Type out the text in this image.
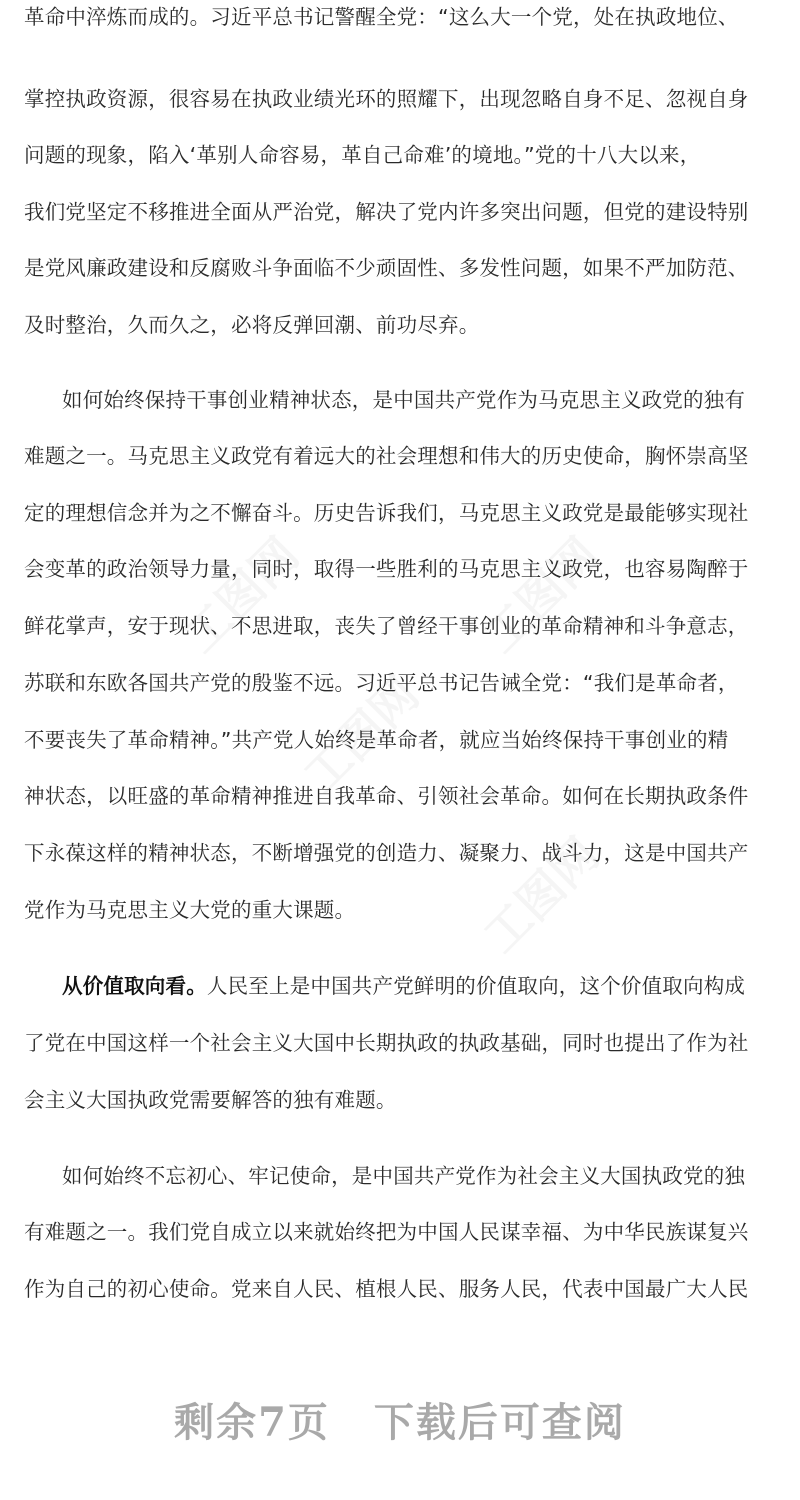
工图网	工图网
工图网
工图网
革命中淬炼而成的。习近平总书记警醒全党：“这么大一个党，处在执政地位、
掌控执政资源，很容易在执政业绩光环的照耀下，出现忽略自身不足、忽视自身
问题的现象，陷入‘革别人命容易，革自己命难’的境地。”党的十八大以来，
我们党坚定不移推进全面从严治党，解决了党内许多突出问题，但党的建设特别
是党风廉政建设和反腐败斗争面临不少顽固性、多发性问题，如果不严加防范、
及时整治，久而久之，必将反弹回潮、前功尽弃。
如何始终保持干事创业精神状态，是中国共产党作为马克思主义政党的独有
难题之一。马克思主义政党有着远大的社会理想和伟大的历史使命，胸怀崇高坚
定的理想信念并为之不懈奋斗。历史告诉我们，马克思主义政党是最能够实现社
会变革的政治领导力量，同时，取得一些胜利的马克思主义政党，也容易陶醉于
鲜花掌声，安于现状、不思进取，丧失了曾经干事创业的革命精神和斗争意志，
苏联和东欧各国共产党的殷鉴不远。习近平总书记告诫全党：“我们是革命者，
不要丧失了革命精神。”共产党人始终是革命者，就应当始终保持干事创业的精
神状态，以旺盛的革命精神推进自我革命、引领社会革命。如何在长期执政条件
下永葆这样的精神状态，不断增强党的创造力、凝聚力、战斗力，这是中国共产
党作为马克思主义大党的重大课题。
从价值取向看。人民至上是中国共产党鲜明的价值取向，这个价值取向构成
了党在中国这样一个社会主义大国中长期执政的执政基础，同时也提出了作为社
会主义大国执政党需要解答的独有难题。
如何始终不忘初心、牢记使命，是中国共产党作为社会主义大国执政党的独
有难题之一。我们党自成立以来就始终把为中国人民谋幸福、为中华民族谋复兴
作为自己的初心使命。党来自人民、植根人民、服务人民，代表中国最广大人民
剩余7页 下载后可查阅
